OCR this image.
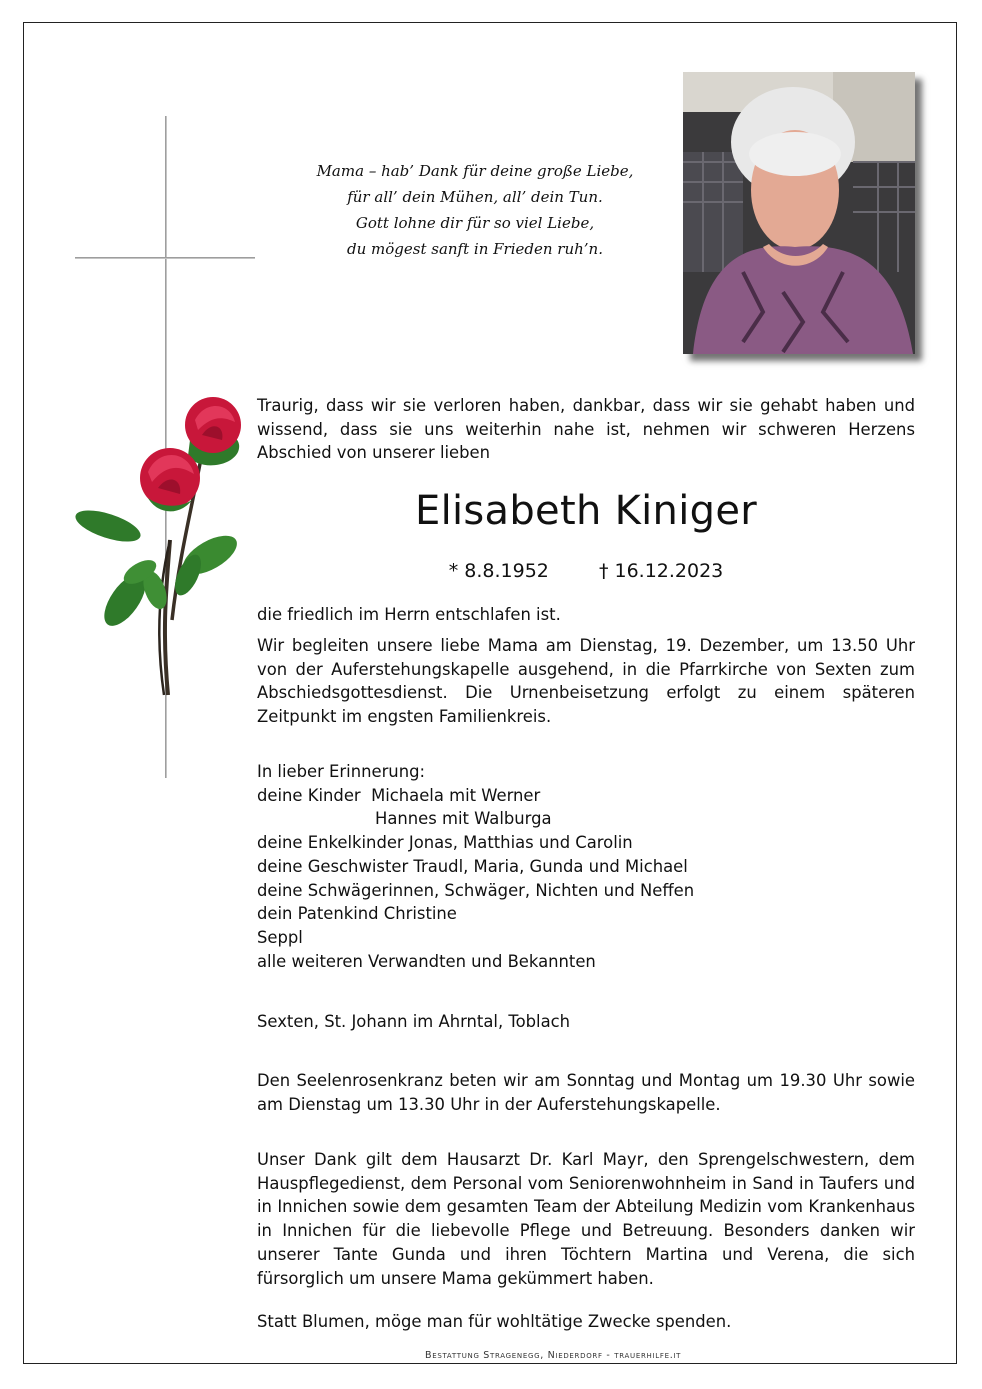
Mama – hab’ Dank für deine große Liebe,
für all’ dein Mühen, all’ dein Tun.
Gott lohne dir für so viel Liebe,
du mögest sanft in Frieden ruh’n.
Traurig, dass wir sie verloren haben, dankbar, dass wir sie gehabt haben und wissend, dass sie uns weiterhin nahe ist, nehmen wir schweren Herzens Abschied von unserer lieben
Elisabeth Kiniger
* 8.8.1952	† 16.12.2023
die friedlich im Herrn entschlafen ist.
Wir begleiten unsere liebe Mama am Dienstag, 19. Dezember, um 13.50 Uhr von der Auferstehungskapelle ausgehend, in die Pfarrkirche von Sexten zum Abschiedsgottesdienst. Die Urnenbeisetzung erfolgt zu einem späteren Zeitpunkt im engsten Familienkreis.
In lieber Erinnerung:
deine Kinder Michaela mit Werner
Hannes mit Walburga
deine Enkelkinder Jonas, Matthias und Carolin
deine Geschwister Traudl, Maria, Gunda und Michael
deine Schwägerinnen, Schwäger, Nichten und Neffen
dein Patenkind Christine
Seppl
alle weiteren Verwandten und Bekannten
Sexten, St. Johann im Ahrntal, Toblach
Den Seelenrosenkranz beten wir am Sonntag und Montag um 19.30 Uhr sowie am Dienstag um 13.30 Uhr in der Auferstehungskapelle.
Unser Dank gilt dem Hausarzt Dr. Karl Mayr, den Sprengelschwestern, dem Hauspflegedienst, dem Personal vom Seniorenwohnheim in Sand in Taufers und in Innichen sowie dem gesamten Team der Abteilung Medizin vom Krankenhaus in Innichen für die liebevolle Pflege und Betreuung. Besonders danken wir unserer Tante Gunda und ihren Töchtern Martina und Verena, die sich fürsorglich um unsere Mama gekümmert haben.
Statt Blumen, möge man für wohltätige Zwecke spenden.
Bestattung Stragenegg, Niederdorf - trauerhilfe.it
